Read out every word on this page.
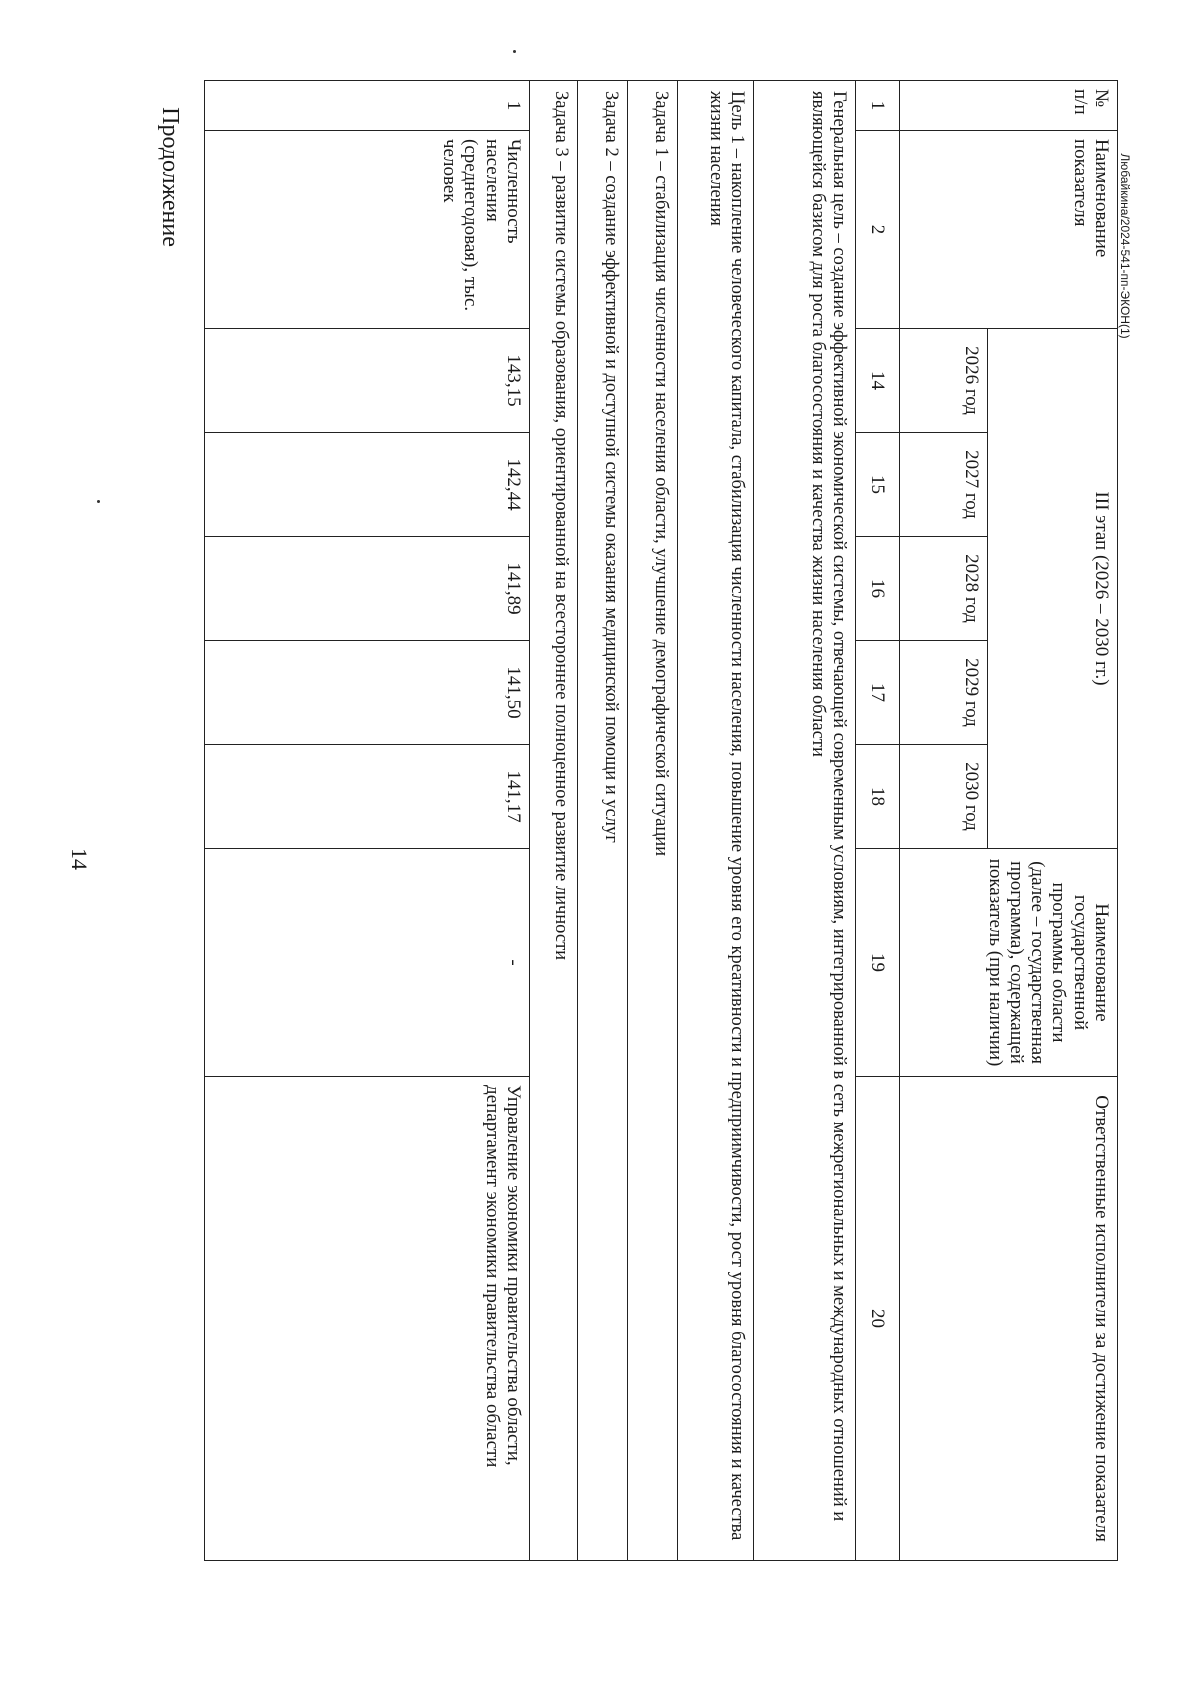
14
Продолжение	Любайкина/2024-541-пп-ЭКОН(1)
№ п/п	Наименование показателя	III этап (2026 – 2030 гг.)					Наименование государственной программы области (далее – государственная программа), содержащей показатель (при наличии)	Ответственные исполнители за достижение показателя
		2026 год	2027 год	2028 год	2029 год	2030 год		
1	2	14	15	16	17	18	19	20
Генеральная цель – создание эффективной экономической системы, отвечающей современным условиям, интегрированной в сеть межрегиональных и международных отношений и являющейся базисом для роста благосостояния и качества жизни населения области								
Цель 1 – накопление человеческого капитала, стабилизация численности населения, повышение уровня его креативности и предприимчивости, рост уровня благосостояния и качества жизни населения								
Задача 1 – стабилизация численности населения области, улучшение демографической ситуации								
Задача 2 – создание эффективной и доступной системы оказания медицинской помощи и услуг								
Задача 3 – развитие системы образования, ориентированной на всестороннее полноценное развитие личности								
1	Численность населения (среднегодовая), тыс. человек	143,15	142,44	141,89	141,50	141,17	-	Управление экономики правительства области, департамент экономики правительства области
